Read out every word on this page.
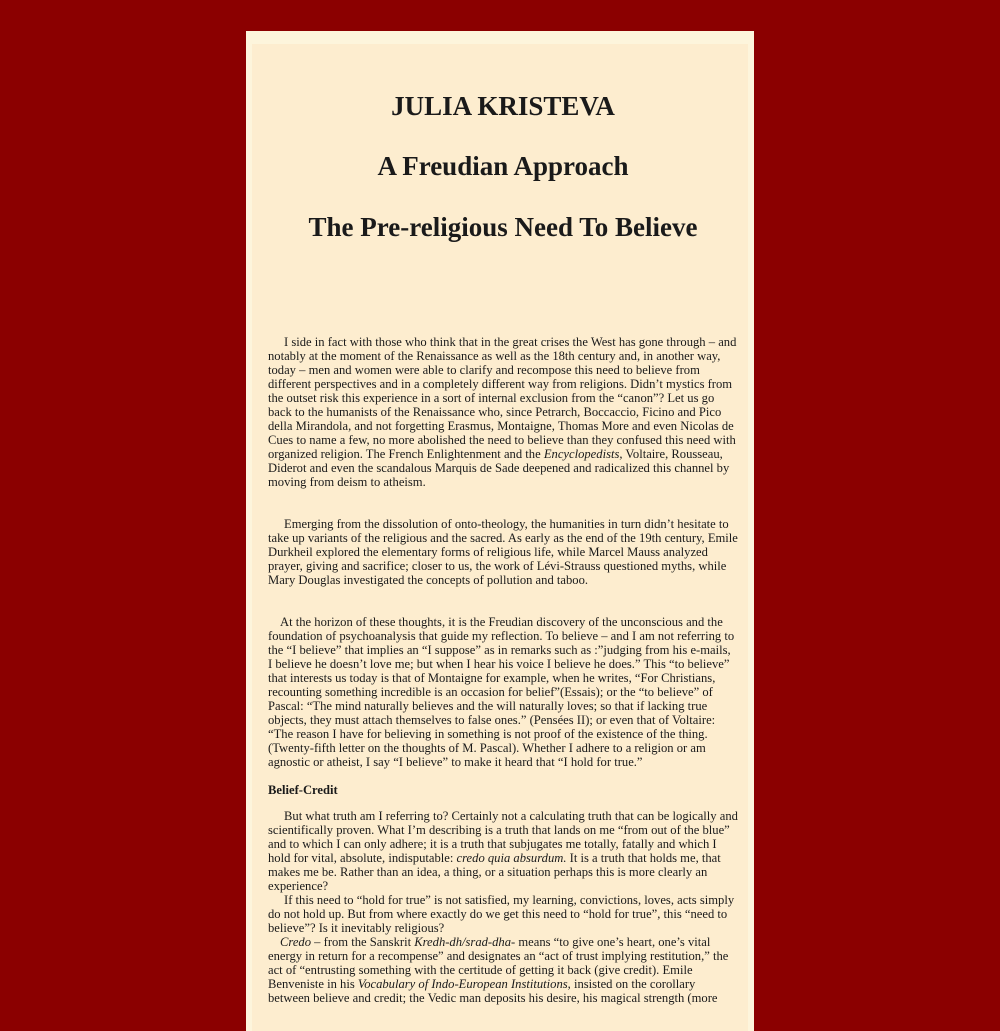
JULIA KRISTEVA
A Freudian Approach
The Pre-religious Need To Believe

I side in fact with those who think that in the great crises the West has gone through – and notably at the moment of the Renaissance as well as the 18th century and, in another way, today – men and women were able to clarify and recompose this need to believe from different perspectives and in a completely different way from religions. Didn’t mystics from the outset risk this experience in a sort of internal exclusion from the “canon”? Let us go back to the humanists of the Renaissance who, since Petrarch, Boccaccio, Ficino and Pico della Mirandola, and not forgetting Erasmus, Montaigne, Thomas More and even Nicolas de Cues to name a few, no more abolished the need to believe than they confused this need with organized religion. The French Enlightenment and the Encyclopedists, Voltaire, Rousseau, Diderot and even the scandalous Marquis de Sade deepened and radicalized this channel by moving from deism to atheism.

Emerging from the dissolution of onto-theology, the humanities in turn didn’t hesitate to take up variants of the religious and the sacred. As early as the end of the 19th century, Emile Durkheil explored the elementary forms of religious life, while Marcel Mauss analyzed prayer, giving and sacrifice; closer to us, the work of Lévi-Strauss questioned myths, while Mary Douglas investigated the concepts of pollution and taboo.

At the horizon of these thoughts, it is the Freudian discovery of the unconscious and the foundation of psychoanalysis that guide my reflection. To believe – and I am not referring to the “I believe” that implies an “I suppose” as in remarks such as :”judging from his e-mails, I believe he doesn’t love me; but when I hear his voice I believe he does.” This “to believe” that interests us today is that of Montaigne for example, when he writes, “For Christians, recounting something incredible is an occasion for belief”(Essais); or the “to believe” of Pascal: “The mind naturally believes and the will naturally loves; so that if lacking true objects, they must attach themselves to false ones.” (Pensées II); or even that of Voltaire: “The reason I have for believing in something is not proof of the existence of the thing. (Twenty-fifth letter on the thoughts of M. Pascal). Whether I adhere to a religion or am agnostic or atheist, I say “I believe” to make it heard that “I hold for true.”

Belief-Credit

But what truth am I referring to? Certainly not a calculating truth that can be logically and scientifically proven. What I’m describing is a truth that lands on me “from out of the blue” and to which I can only adhere; it is a truth that subjugates me totally, fatally and which I hold for vital, absolute, indisputable: credo quia absurdum. It is a truth that holds me, that makes me be. Rather than an idea, a thing, or a situation perhaps this is more clearly an experience?

If this need to “hold for true” is not satisfied, my learning, convictions, loves, acts simply do not hold up. But from where exactly do we get this need to “hold for true”, this “need to believe”? Is it inevitably religious?

Credo – from the Sanskrit Kredh-dh/srad-dha- means “to give one’s heart, one’s vital energy in return for a recompense” and designates an “act of trust implying restitution,” the act of “entrusting something with the certitude of getting it back (give credit). Emile Benveniste in his Vocabulary of Indo-European Institutions, insisted on the corollary between believe and credit; the Vedic man deposits his desire, his magical strength (more
